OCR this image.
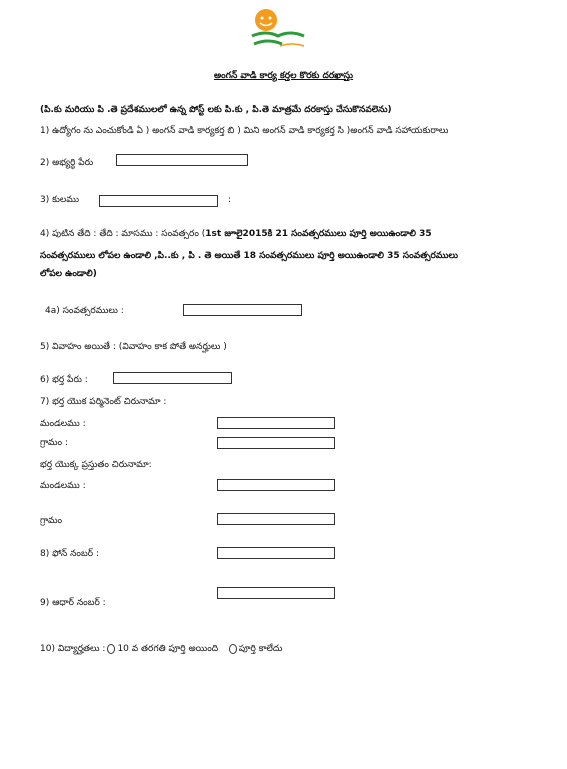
అంగన్ వాడి కార్య కర్తల కొరకు దరఖాస్తు
(పి.కు మరియు పి .తె ప్రదేశములలో ఉన్న పోస్ట్ లకు పి.కు , పి.తె మాత్రమే దరకాస్తు చేసుకొనవలెను)
1) ఉద్యోగం ను ఎంచుకోండి ఏ ) అంగన్ వాడి కార్యకర్త బి ) మిని అంగన్ వాడి కార్యకర్త సి )అంగన్ వాడి సహాయకురాలు
2) అభ్యర్ధి పేరు
3) కులము	:
4) పుటిన తేది : తేది : మాసము : సంవత్సరం (1st జూలై2015కి 21 సంవత్సరములు పూర్తి అయిఉండాలి 35
సంవత్సరములు లోపల ఉండాలి ,పి..కు , పి . తె అయితే 18 సంవత్సరములు పూర్తి అయిఉండాలి 35 సంవత్సరములు
లోపల ఉండాలి)
4a) సంవత్సరములు :
5) వివాహం అయితే : (వివాహం కాక పోతే అనర్హులు )
6) భర్త పేరు :
7) భర్త యొక పర్మినెంట్ చిరునామా :
మండలము :
గ్రామం :
భర్త యొక్క ప్రస్తుతం చిరునామా:
మండలము :
గ్రామం
8) ఫోన్ నంబర్ :
9) ఆధార్ నంబర్ :
10) విద్యార్హతలు : 10 వ తరగతి పూర్తి అయింది పూర్తి కాలేదు
